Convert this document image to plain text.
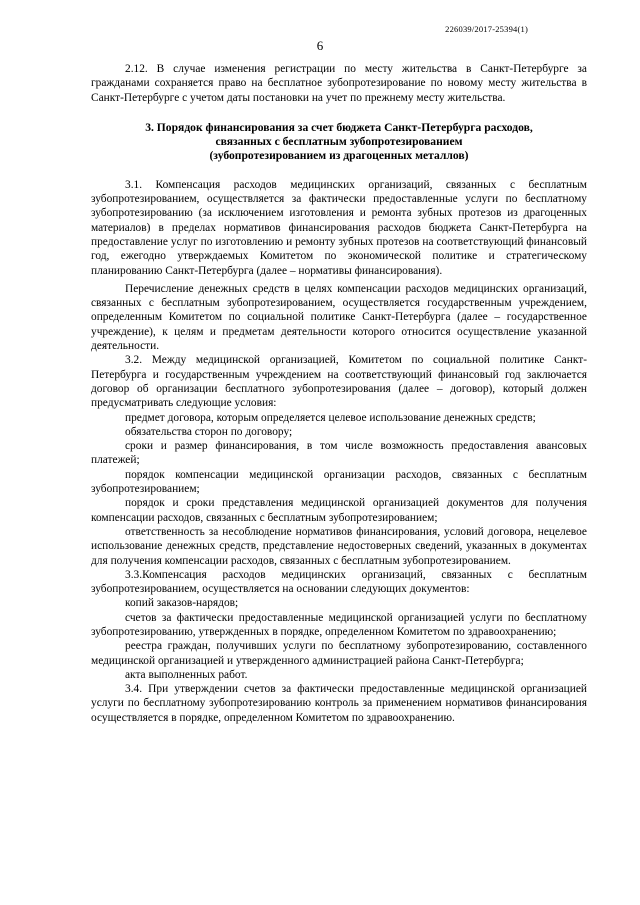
226039/2017-25394(1)
6

2.12. В случае изменения регистрации по месту жительства в Санкт-Петербурге за гражданами сохраняется право на бесплатное зубопротезирование по новому месту жительства в Санкт-Петербурге с учетом даты постановки на учет по прежнему месту жительства.

3. Порядок финансирования за счет бюджета Санкт-Петербурга расходов,
связанных с бесплатным зубопротезированием
(зубопротезированием из драгоценных металлов)

3.1. Компенсация расходов медицинских организаций, связанных с бесплатным зубопротезированием, осуществляется за фактически предоставленные услуги по бесплатному зубопротезированию (за исключением изготовления и ремонта зубных протезов из драгоценных материалов) в пределах нормативов финансирования расходов бюджета Санкт-Петербурга на предоставление услуг по изготовлению и ремонту зубных протезов на соответствующий финансовый год, ежегодно утверждаемых Комитетом по экономической политике и стратегическому планированию Санкт-Петербурга (далее – нормативы финансирования).

Перечисление денежных средств в целях компенсации расходов медицинских организаций, связанных с бесплатным зубопротезированием, осуществляется государственным учреждением, определенным Комитетом по социальной политике Санкт-Петербурга (далее – государственное учреждение), к целям и предметам деятельности которого относится осуществление указанной деятельности.

3.2. Между медицинской организацией, Комитетом по социальной политике Санкт-Петербурга и государственным учреждением на соответствующий финансовый год заключается договор об организации бесплатного зубопротезирования (далее – договор), который должен предусматривать следующие условия:

предмет договора, которым определяется целевое использование денежных средств;

обязательства сторон по договору;

сроки и размер финансирования, в том числе возможность предоставления авансовых платежей;

порядок компенсации медицинской организации расходов, связанных с бесплатным зубопротезированием;

порядок и сроки представления медицинской организацией документов для получения компенсации расходов, связанных с бесплатным зубопротезированием;

ответственность за несоблюдение нормативов финансирования, условий договора, нецелевое использование денежных средств, представление недостоверных сведений, указанных в документах для получения компенсации расходов, связанных с бесплатным зубопротезированием.

3.3.Компенсация расходов медицинских организаций, связанных с бесплатным зубопротезированием, осуществляется на основании следующих документов:

копий заказов-нарядов;

счетов за фактически предоставленные медицинской организацией услуги по бесплатному зубопротезированию, утвержденных в порядке, определенном Комитетом по здравоохранению;

реестра граждан, получивших услуги по бесплатному зубопротезированию, составленного медицинской организацией и утвержденного администрацией района Санкт-Петербурга;

акта выполненных работ.

3.4. При утверждении счетов за фактически предоставленные медицинской организацией услуги по бесплатному зубопротезированию контроль за применением нормативов финансирования осуществляется в порядке, определенном Комитетом по здравоохранению.
